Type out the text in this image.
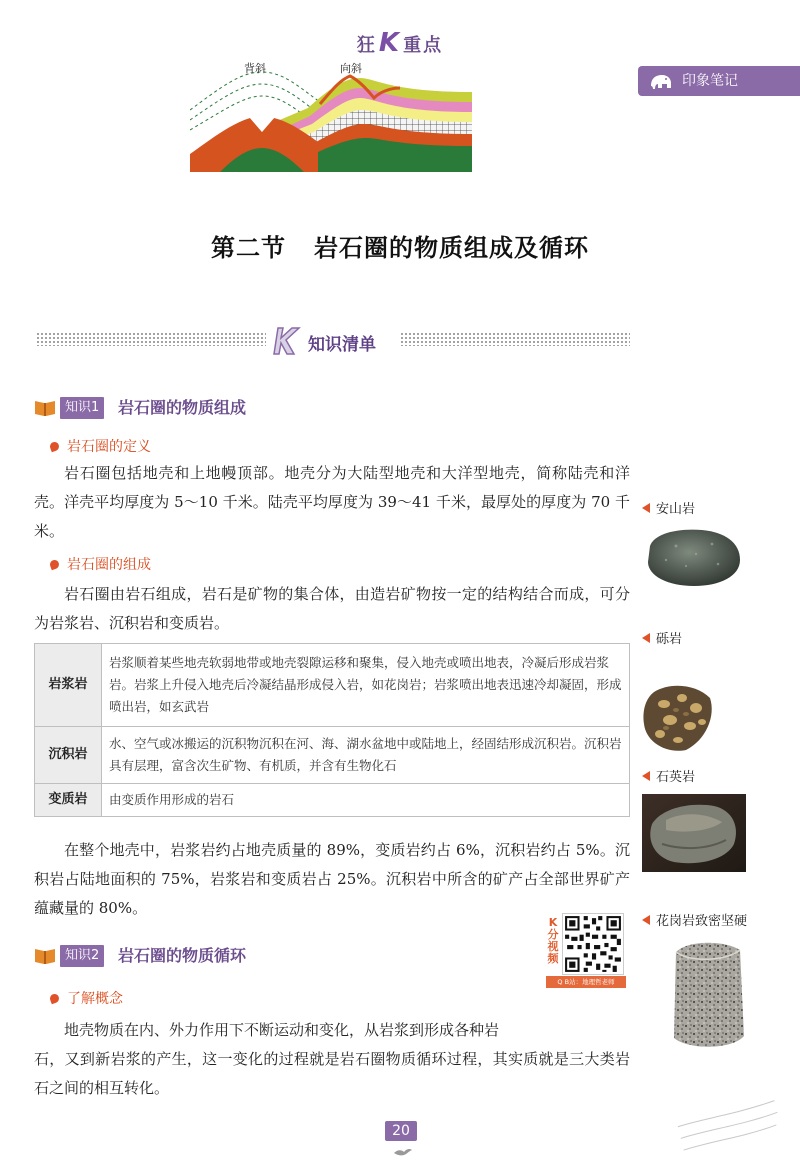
狂K 重点
印象笔记
背斜	向斜
第二节 岩石圈的物质组成及循环
知识清单
知识1	岩石圈的物质组成
岩石圈的定义
岩石圈包括地壳和上地幔顶部。地壳分为大陆型地壳和大洋型地壳，简称陆壳和洋壳。洋壳平均厚度为 5～10 千米。陆壳平均厚度为 39～41 千米，最厚处的厚度为 70 千米。
岩石圈的组成
岩石圈由岩石组成，岩石是矿物的集合体，由造岩矿物按一定的结构结合而成，可分为岩浆岩、沉积岩和变质岩。
岩浆岩	岩浆顺着某些地壳软弱地带或地壳裂隙运移和聚集，侵入地壳或喷出地表，冷凝后形成岩浆岩。岩浆上升侵入地壳后冷凝结晶形成侵入岩，如花岗岩；岩浆喷出地表迅速冷却凝固，形成喷出岩，如玄武岩
沉积岩	水、空气或冰搬运的沉积物沉积在河、海、湖水盆地中或陆地上，经固结形成沉积岩。沉积岩具有层理，富含次生矿物、有机质，并含有生物化石
变质岩	由变质作用形成的岩石
在整个地壳中，岩浆岩约占地壳质量的 89%，变质岩约占 6%，沉积岩约占 5%。沉积岩占陆地面积的 75%，岩浆岩和变质岩占 25%。沉积岩中所含的矿产占全部世界矿产蕴藏量的 80%。
知识2	岩石圈的物质循环
K分视频
Q B站：地理哲老师
了解概念
地壳物质在内、外力作用下不断运动和变化，从岩浆到形成各种岩
石，又到新岩浆的产生，这一变化的过程就是岩石圈物质循环过程，其实质就是三大类岩石之间的相互转化。
20
安山岩
砾岩
石英岩
花岗岩致密坚硬
